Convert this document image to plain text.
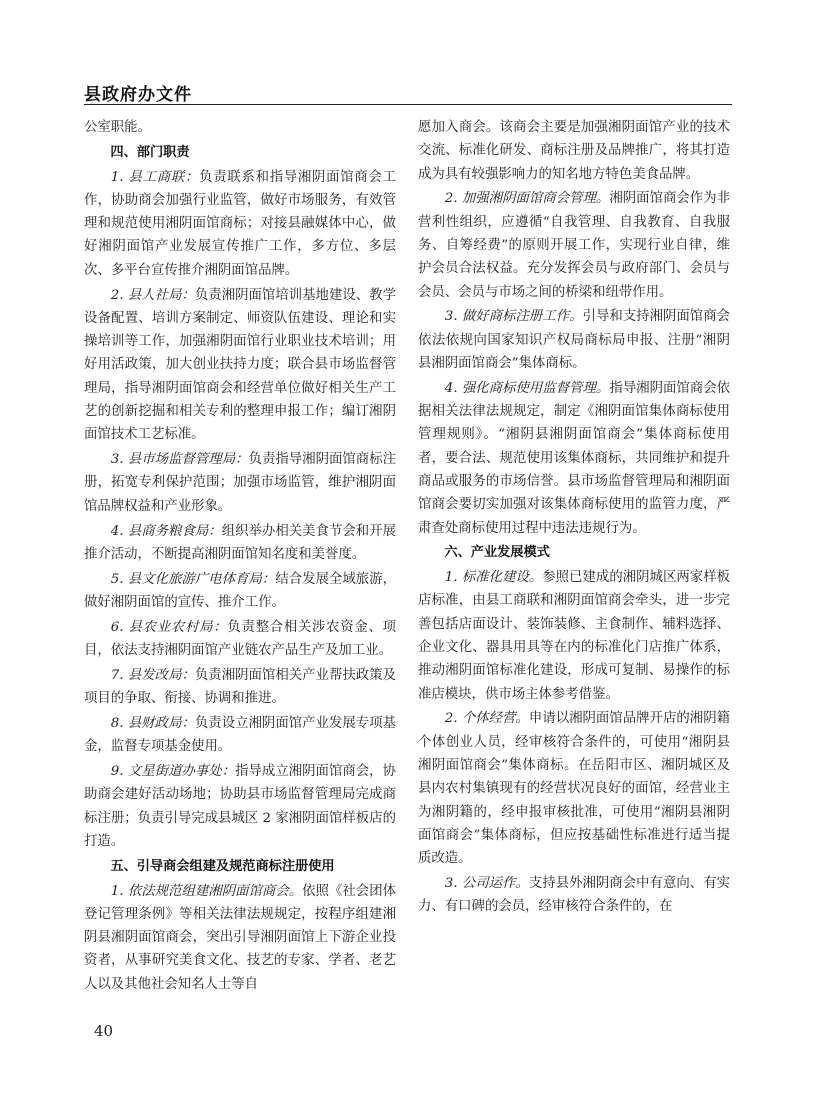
县政府办文件

公室职能。

四、部门职责

1. 县工商联：负责联系和指导湘阴面馆商会工作，协助商会加强行业监管，做好市场服务，有效管理和规范使用湘阴面馆商标；对接县融媒体中心，做好湘阴面馆产业发展宣传推广工作，多方位、多层次、多平台宣传推介湘阴面馆品牌。

2. 县人社局：负责湘阴面馆培训基地建设、教学设备配置、培训方案制定、师资队伍建设、理论和实操培训等工作，加强湘阴面馆行业职业技术培训；用好用活政策，加大创业扶持力度；联合县市场监督管理局，指导湘阴面馆商会和经营单位做好相关生产工艺的创新挖掘和相关专利的整理申报工作；编订湘阴面馆技术工艺标准。

3. 县市场监督管理局：负责指导湘阴面馆商标注册，拓宽专利保护范围；加强市场监管，维护湘阴面馆品牌权益和产业形象。

4. 县商务粮食局：组织举办相关美食节会和开展推介活动，不断提高湘阴面馆知名度和美誉度。

5. 县文化旅游广电体育局：结合发展全域旅游，做好湘阴面馆的宣传、推介工作。

6. 县农业农村局：负责整合相关涉农资金、项目，依法支持湘阴面馆产业链农产品生产及加工业。

7. 县发改局：负责湘阴面馆相关产业帮扶政策及项目的争取、衔接、协调和推进。

8. 县财政局：负责设立湘阴面馆产业发展专项基金，监督专项基金使用。

9. 文星街道办事处：指导成立湘阴面馆商会，协助商会建好活动场地；协助县市场监督管理局完成商标注册；负责引导完成县城区 2 家湘阴面馆样板店的打造。

五、引导商会组建及规范商标注册使用

1. 依法规范组建湘阴面馆商会。依照《社会团体登记管理条例》等相关法律法规规定，按程序组建湘阴县湘阴面馆商会，突出引导湘阴面馆上下游企业投资者，从事研究美食文化、技艺的专家、学者、老艺人以及其他社会知名人士等自

愿加入商会。该商会主要是加强湘阴面馆产业的技术交流、标准化研发、商标注册及品牌推广，将其打造成为具有较强影响力的知名地方特色美食品牌。

2. 加强湘阴面馆商会管理。湘阴面馆商会作为非营利性组织，应遵循“自我管理、自我教育、自我服务、自筹经费”的原则开展工作，实现行业自律，维护会员合法权益。充分发挥会员与政府部门、会员与会员、会员与市场之间的桥梁和纽带作用。

3. 做好商标注册工作。引导和支持湘阴面馆商会依法依规向国家知识产权局商标局申报、注册“湘阴县湘阴面馆商会”集体商标。

4. 强化商标使用监督管理。指导湘阴面馆商会依据相关法律法规规定，制定《湘阴面馆集体商标使用管理规则》。“湘阴县湘阴面馆商会”集体商标使用者，要合法、规范使用该集体商标，共同维护和提升商品或服务的市场信誉。县市场监督管理局和湘阴面馆商会要切实加强对该集体商标使用的监管力度，严肃查处商标使用过程中违法违规行为。

六、产业发展模式

1. 标准化建设。参照已建成的湘阴城区两家样板店标准，由县工商联和湘阴面馆商会牵头，进一步完善包括店面设计、装饰装修、主食制作、辅料选择、企业文化、器具用具等在内的标准化门店推广体系，推动湘阴面馆标准化建设，形成可复制、易操作的标准店模块，供市场主体参考借鉴。

2. 个体经营。申请以湘阴面馆品牌开店的湘阴籍个体创业人员，经审核符合条件的，可使用“湘阴县湘阴面馆商会”集体商标。在岳阳市区、湘阴城区及县内农村集镇现有的经营状况良好的面馆，经营业主为湘阴籍的，经申报审核批准，可使用“湘阴县湘阴面馆商会”集体商标，但应按基础性标准进行适当提质改造。

3. 公司运作。支持县外湘阴商会中有意向、有实力、有口碑的会员，经审核符合条件的，在

40
